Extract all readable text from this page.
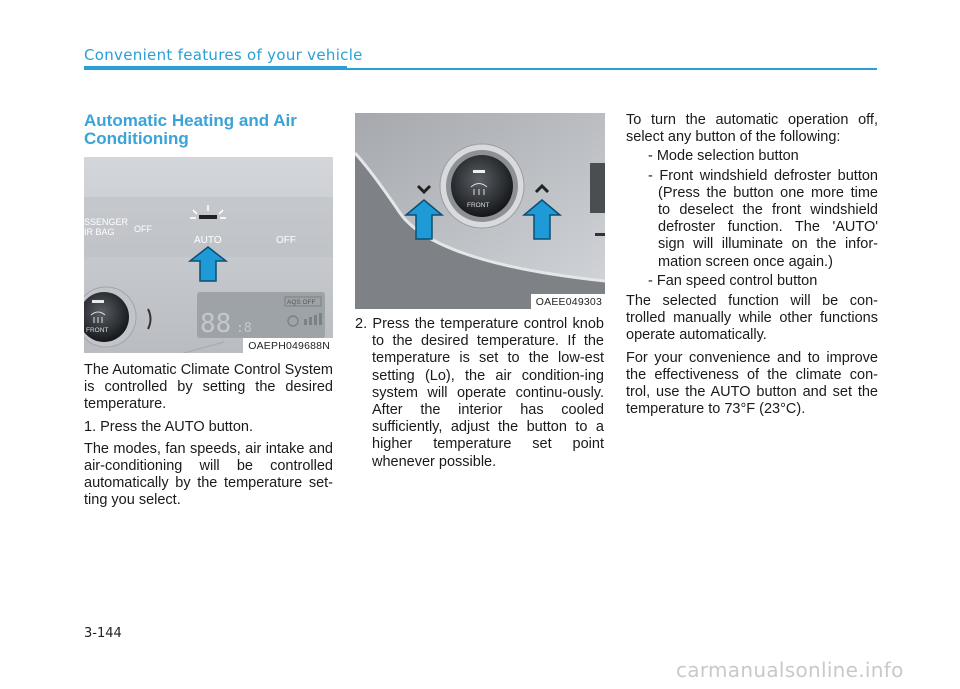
Convenient features of your vehicle
Automatic Heating and Air Conditioning
SSENGER
IR BAG OFF
AUTO	OFF
88 :8
AQS OFF
FRONT
OAEPH049688N
FRONT
OAEE049303

The Automatic Climate Control System is controlled by setting the desired temperature.

1. Press the AUTO button.

The modes, fan speeds, air intake and air-conditioning will be controlled automatically by the temperature set-ting you select.

2. Press the temperature control knob to the desired temperature. If the temperature is set to the low-est setting (Lo), the air condition-ing system will operate continu-ously. After the interior has cooled sufficiently, adjust the button to a higher temperature set point whenever possible.

To turn the automatic operation off, select any button of the following:

- Mode selection button

- Front windshield defroster button (Press the button one more time to deselect the front windshield defroster function. The 'AUTO' sign will illuminate on the infor-mation screen once again.)

- Fan speed control button

The selected function will be con-trolled manually while other functions operate automatically.

For your convenience and to improve the effectiveness of the climate con-trol, use the AUTO button and set the temperature to 73°F (23°C).

3-144
carmanualsonline.info
